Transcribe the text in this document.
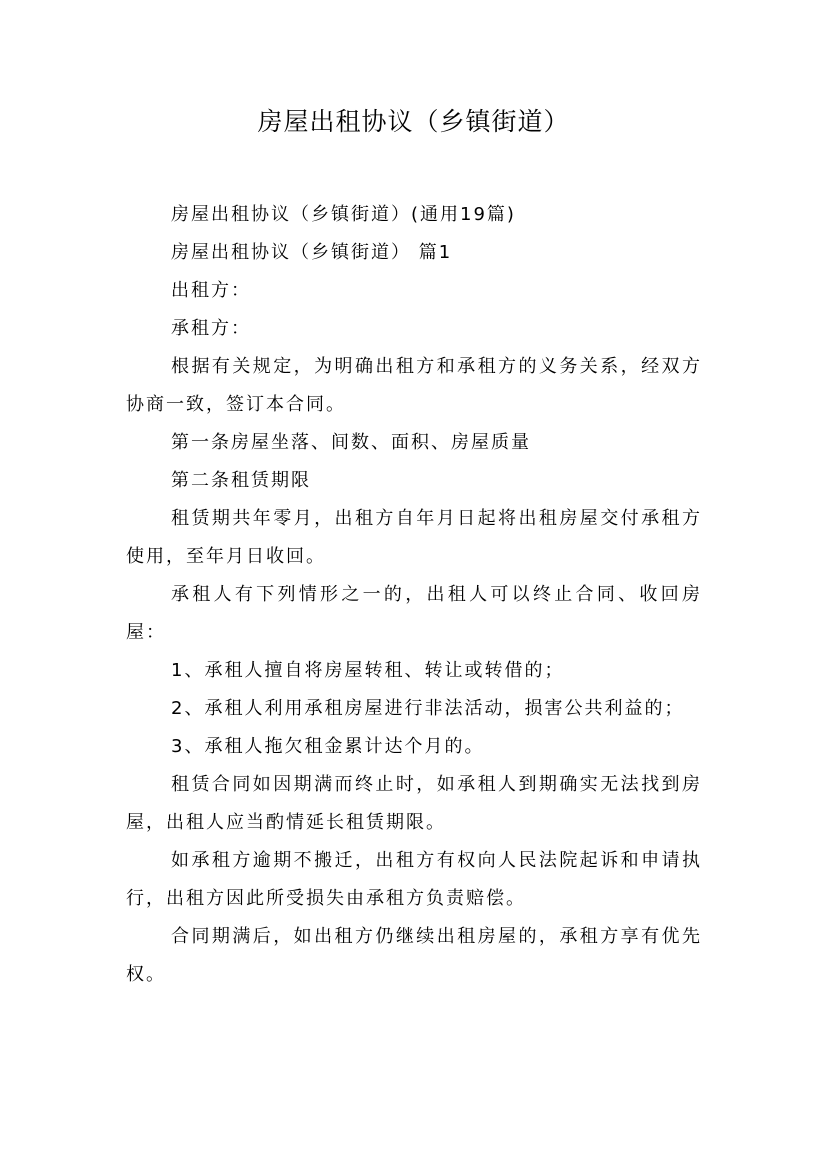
房屋出租协议（乡镇街道）

房屋出租协议（乡镇街道）(通用19篇)

房屋出租协议（乡镇街道） 篇1

出租方：

承租方：

根据有关规定，为明确出租方和承租方的义务关系，经双方协商一致，签订本合同。

第一条房屋坐落、间数、面积、房屋质量

第二条租赁期限

租赁期共年零月，出租方自年月日起将出租房屋交付承租方使用，至年月日收回。

承租人有下列情形之一的，出租人可以终止合同、收回房屋：

1、承租人擅自将房屋转租、转让或转借的；

2、承租人利用承租房屋进行非法活动，损害公共利益的；

3、承租人拖欠租金累计达个月的。

租赁合同如因期满而终止时，如承租人到期确实无法找到房屋，出租人应当酌情延长租赁期限。

如承租方逾期不搬迁，出租方有权向人民法院起诉和申请执行，出租方因此所受损失由承租方负责赔偿。

合同期满后，如出租方仍继续出租房屋的，承租方享有优先权。
